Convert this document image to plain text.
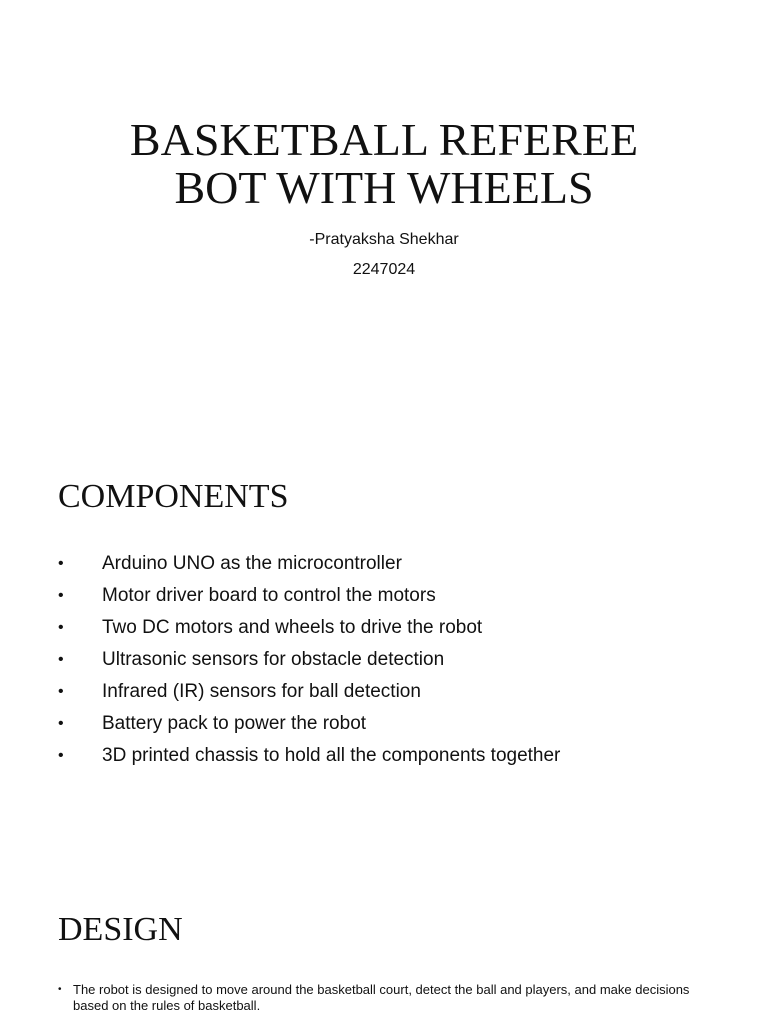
BASKETBALL REFEREE
BOT WITH WHEELS
-Pratyaksha Shekhar
2247024
COMPONENTS
•	Arduino UNO as the microcontroller
•	Motor driver board to control the motors
•	Two DC motors and wheels to drive the robot
•	Ultrasonic sensors for obstacle detection
•	Infrared (IR) sensors for ball detection
•	Battery pack to power the robot
•	3D printed chassis to hold all the components together
DESIGN
• The robot is designed to move around the basketball court, detect the ball and players, and make decisions based on the rules of basketball.
